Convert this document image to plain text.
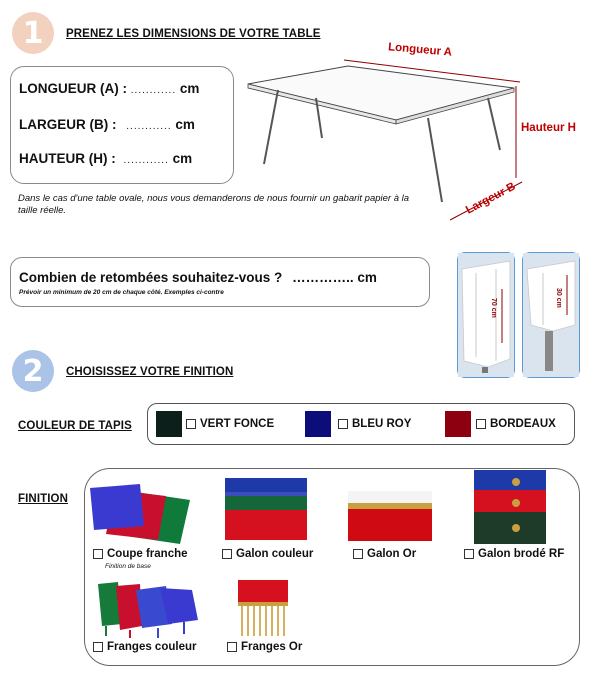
1 PRENEZ LES DIMENSIONS DE VOTRE TABLE
LONGUEUR (A) : ............ cm
LARGEUR (B) : ............ cm
HAUTEUR (H) : ............ cm
Dans le cas d'une table ovale, nous vous demanderons de nous fournir un gabarit papier à la taille réelle.
Longueur A
Hauteur H
Largeur B
Combien de retombées souhaitez-vous ? ………….. cm
Prévoir un minimum de 20 cm de chaque côté. Exemples ci-contre
70 cm
30 cm
2 CHOISISSEZ VOTRE FINITION
COULEUR DE TAPIS	VERT FONCE	BLEU ROY	BORDEAUX
FINITION
Coupe franche
Finition de base
Galon couleur	Galon Or	Galon brodé RF
Franges couleur	Franges Or
